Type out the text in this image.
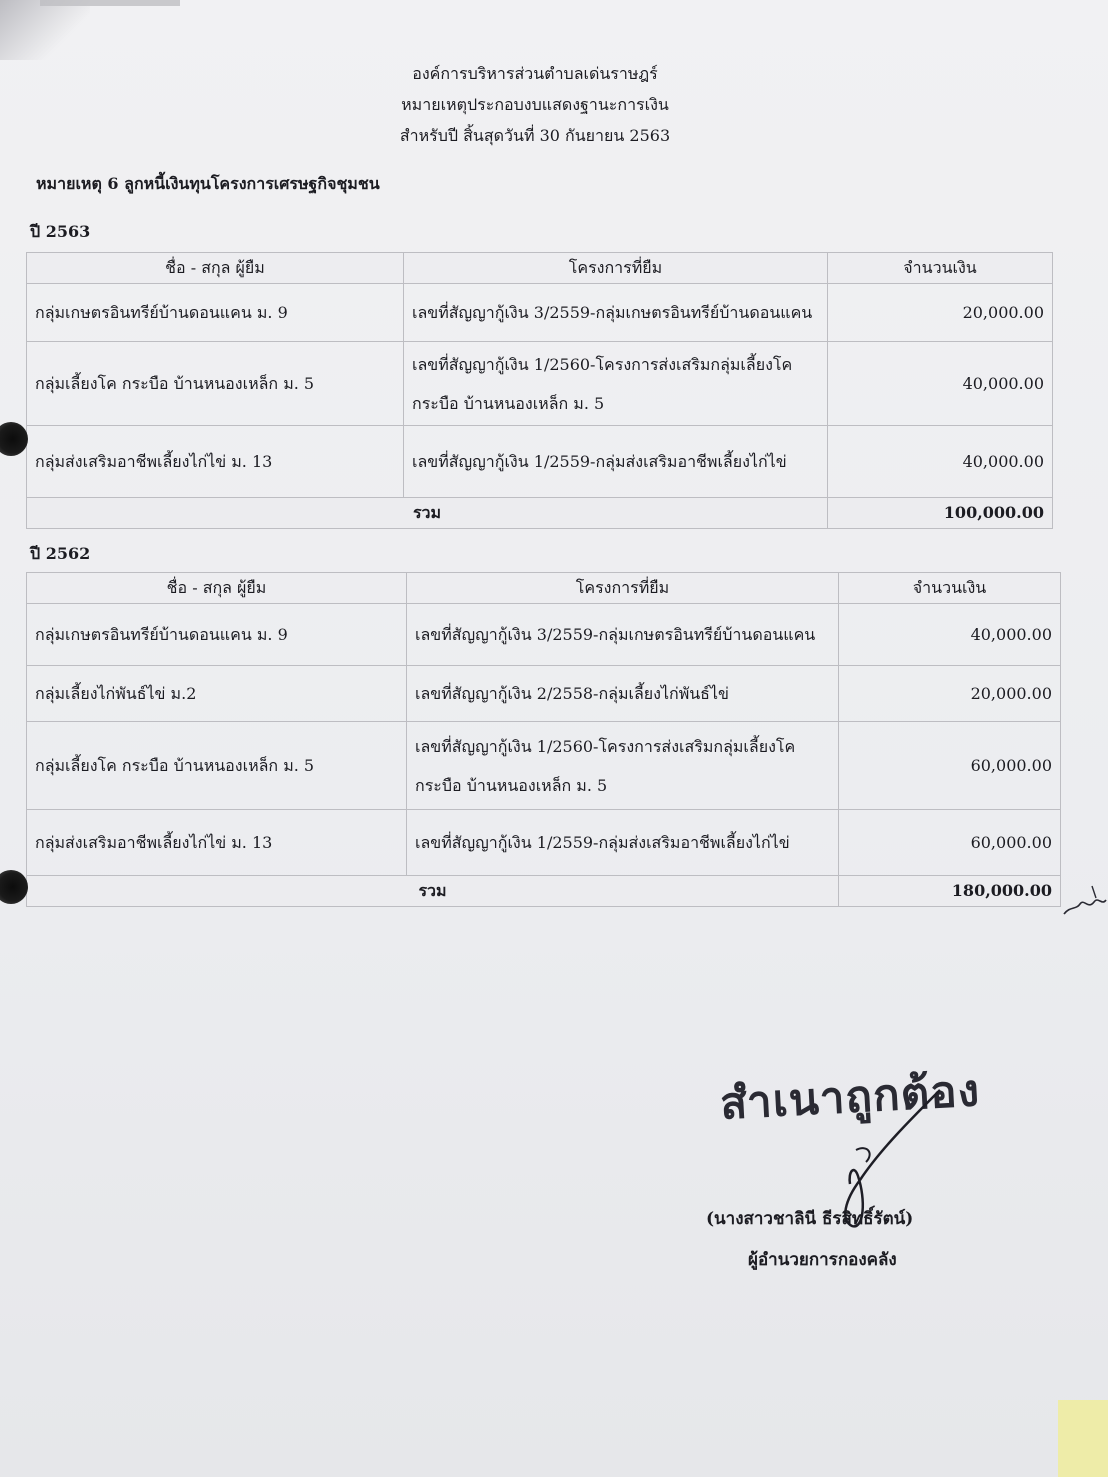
องค์การบริหารส่วนตำบลเด่นราษฎร์
หมายเหตุประกอบงบแสดงฐานะการเงิน
สำหรับปี สิ้นสุดวันที่ 30 กันยายน 2563
หมายเหตุ 6 ลูกหนี้เงินทุนโครงการเศรษฐกิจชุมชน
ปี 2563
ชื่อ - สกุล ผู้ยืม	โครงการที่ยืม	จำนวนเงิน
กลุ่มเกษตรอินทรีย์บ้านดอนแคน ม. 9	เลขที่สัญญากู้เงิน 3/2559-กลุ่มเกษตรอินทรีย์บ้านดอนแคน	20,000.00
กลุ่มเลี้ยงโค กระบือ บ้านหนองเหล็ก ม. 5	เลขที่สัญญากู้เงิน 1/2560-โครงการส่งเสริมกลุ่มเลี้ยงโค กระบือ บ้านหนองเหล็ก ม. 5	40,000.00
กลุ่มส่งเสริมอาชีพเลี้ยงไก่ไข่ ม. 13	เลขที่สัญญากู้เงิน 1/2559-กลุ่มส่งเสริมอาชีพเลี้ยงไก่ไข่	40,000.00
รวม		100,000.00
ปี 2562
ชื่อ - สกุล ผู้ยืม	โครงการที่ยืม	จำนวนเงิน
กลุ่มเกษตรอินทรีย์บ้านดอนแคน ม. 9	เลขที่สัญญากู้เงิน 3/2559-กลุ่มเกษตรอินทรีย์บ้านดอนแคน	40,000.00
กลุ่มเลี้ยงไก่พันธ์ไข่ ม.2	เลขที่สัญญากู้เงิน 2/2558-กลุ่มเลี้ยงไก่พันธ์ไข่	20,000.00
กลุ่มเลี้ยงโค กระบือ บ้านหนองเหล็ก ม. 5	เลขที่สัญญากู้เงิน 1/2560-โครงการส่งเสริมกลุ่มเลี้ยงโค กระบือ บ้านหนองเหล็ก ม. 5	60,000.00
กลุ่มส่งเสริมอาชีพเลี้ยงไก่ไข่ ม. 13	เลขที่สัญญากู้เงิน 1/2559-กลุ่มส่งเสริมอาชีพเลี้ยงไก่ไข่	60,000.00
รวม		180,000.00
สำเนาถูกต้อง
(นางสาวชาลินี ธีรสิทธิ์รัตน์)
ผู้อำนวยการกองคลัง
